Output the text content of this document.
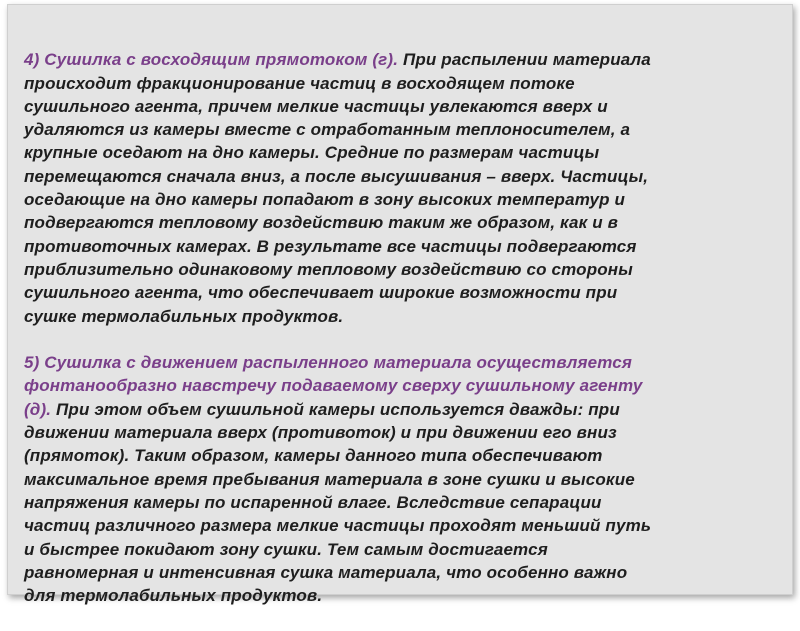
4) Сушилка с восходящим прямотоком (г). При распылении материала
происходит фракционирование частиц в восходящем потоке
сушильного агента, причем мелкие частицы увлекаются вверх и
удаляются из камеры вместе с отработанным теплоносителем, а
крупные оседают на дно камеры. Средние по размерам частицы
перемещаются сначала вниз, а после высушивания – вверх. Частицы,
оседающие на дно камеры попадают в зону высоких температур и
подвергаются тепловому воздействию таким же образом, как и в
противоточных камерах. В результате все частицы подвергаются
приблизительно одинаковому тепловому воздействию со стороны
сушильного агента, что обеспечивает широкие возможности при
сушке термолабильных продуктов.

5) Сушилка с движением распыленного материала осуществляется
фонтанообразно навстречу подаваемому сверху сушильному агенту
(д). При этом объем сушильной камеры используется дважды: при
движении материала вверх (противоток) и при движении его вниз
(прямоток). Таким образом, камеры данного типа обеспечивают
максимальное время пребывания материала в зоне сушки и высокие
напряжения камеры по испаренной влаге. Вследствие сепарации
частиц различного размера мелкие частицы проходят меньший путь
и быстрее покидают зону сушки. Тем самым достигается
равномерная и интенсивная сушка материала, что особенно важно
для термолабильных продуктов.
